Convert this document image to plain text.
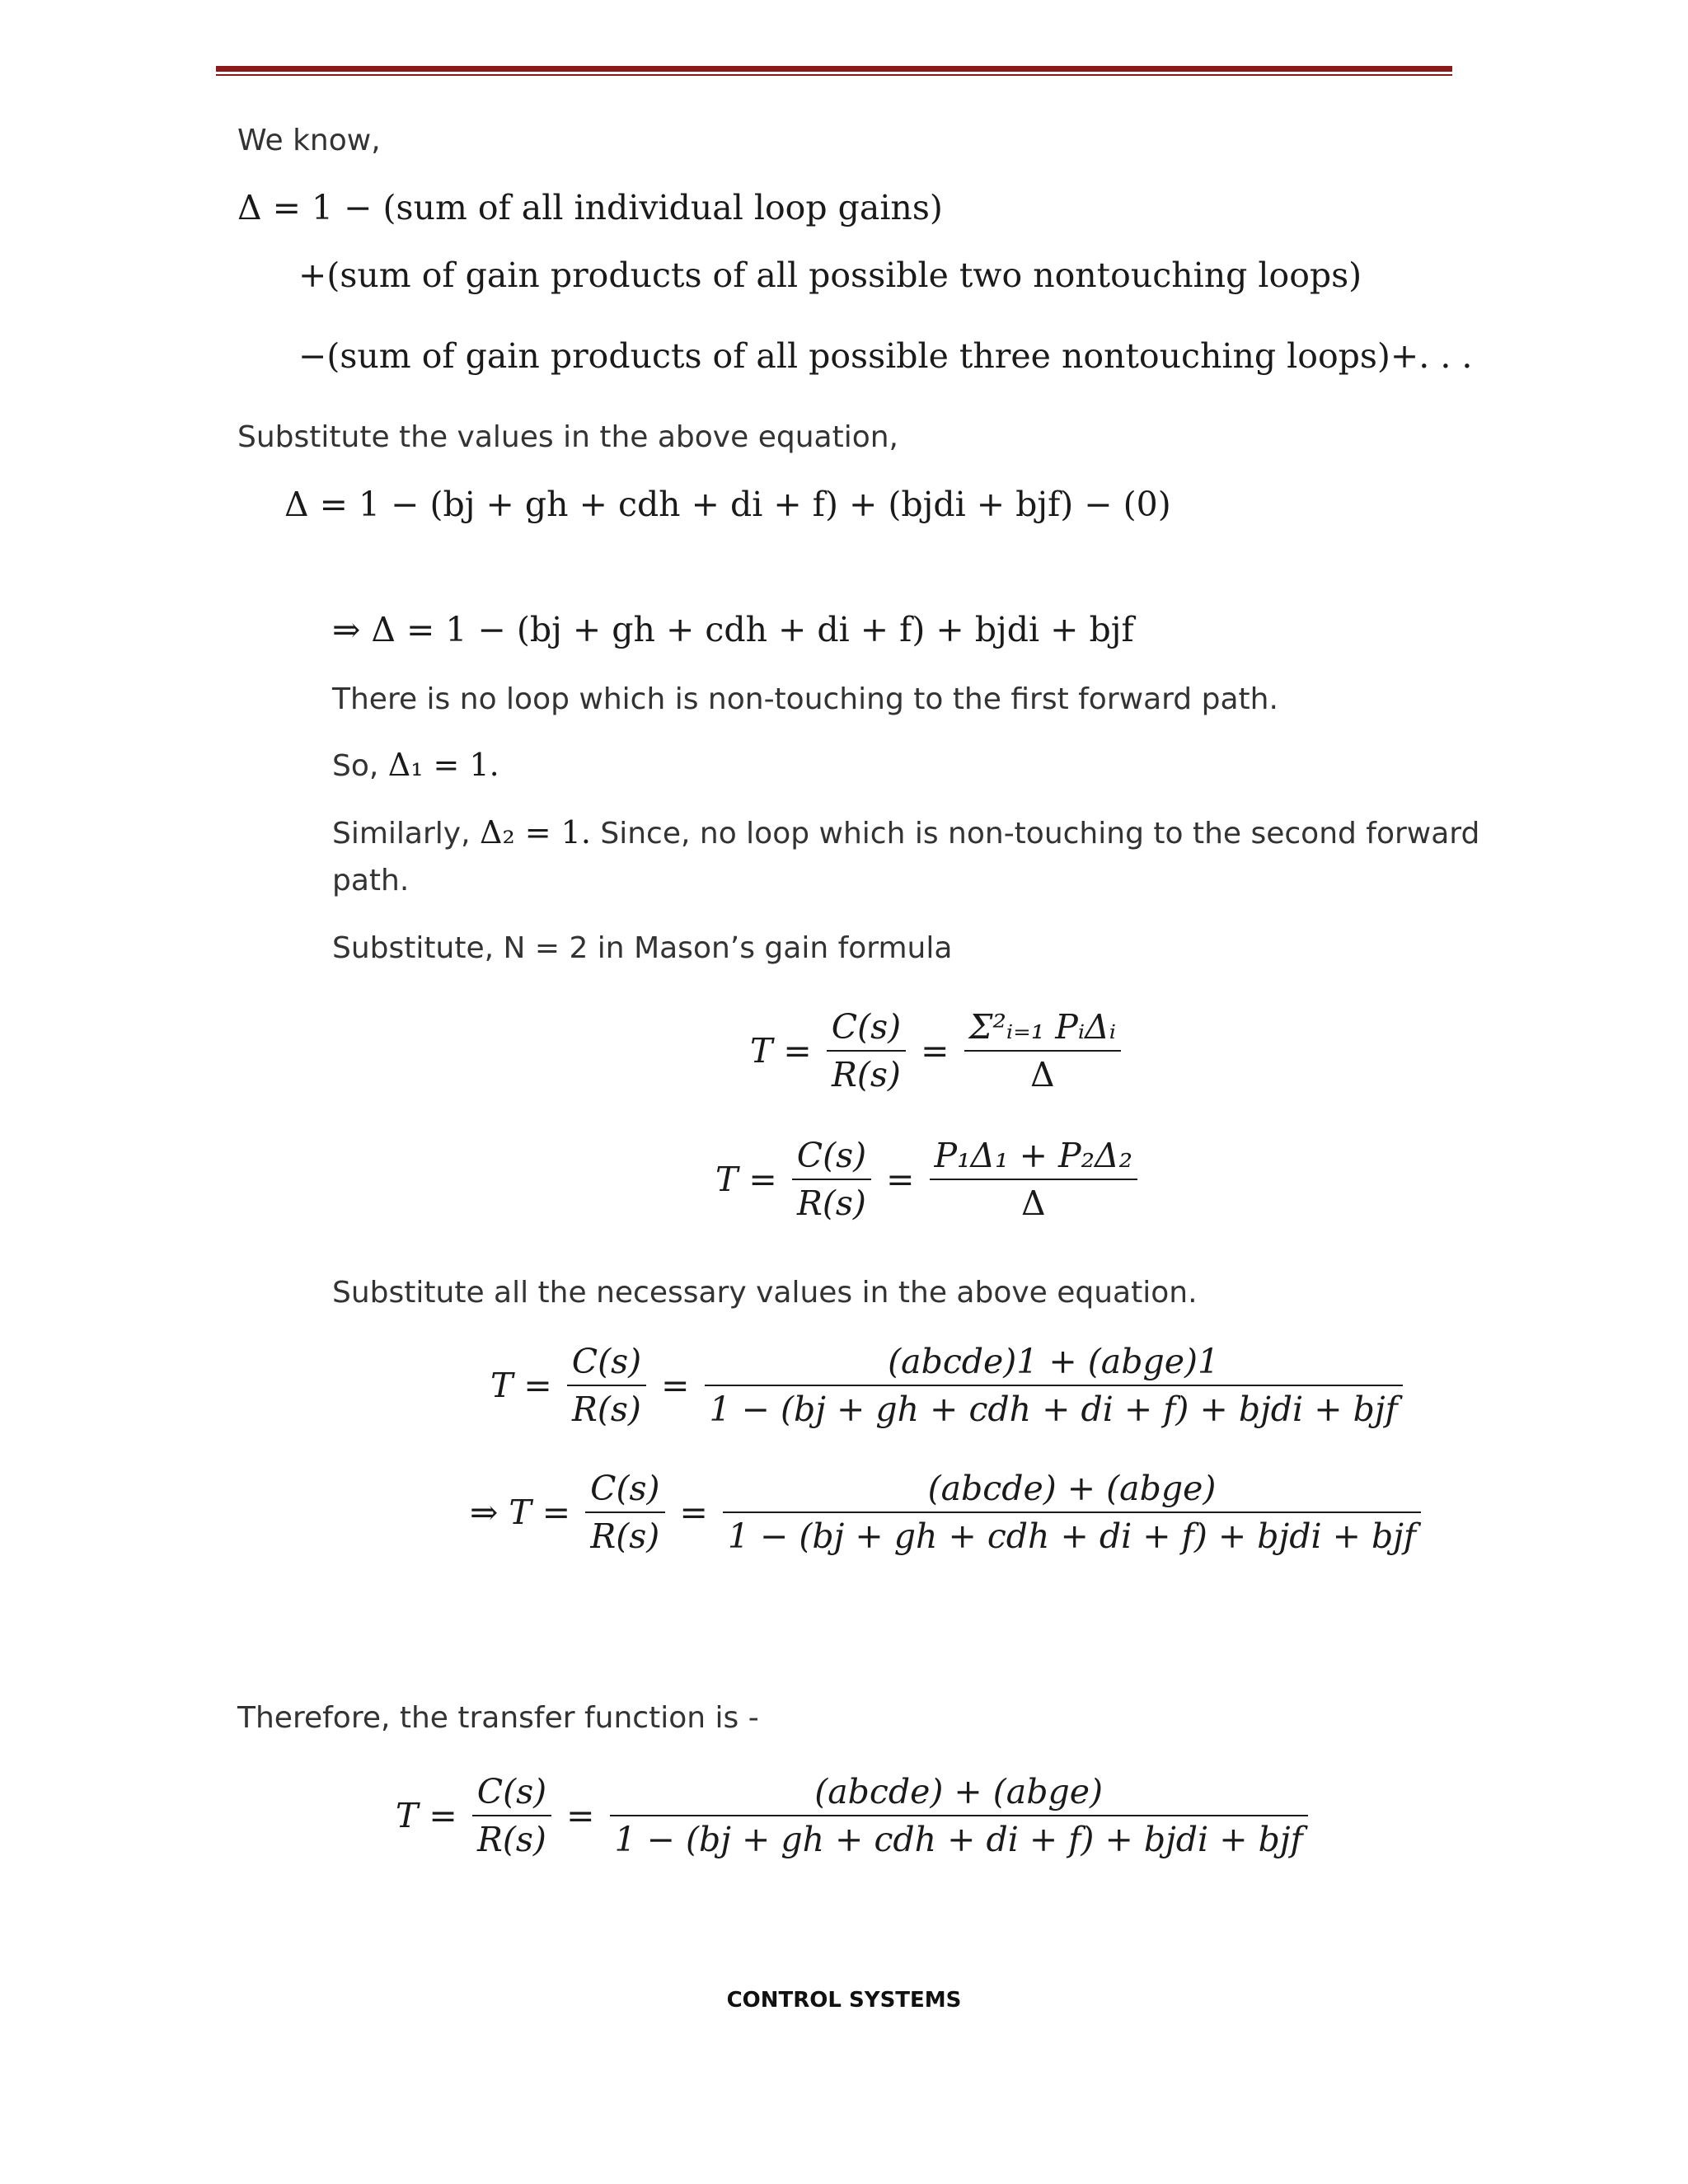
We know,
Δ = 1 − (sum of all individual loop gains)
+(sum of gain products of all possible two nontouching loops)
−(sum of gain products of all possible three nontouching loops)+. . .
Substitute the values in the above equation,
Δ = 1 − (bj + gh + cdh + di + f) + (bjdi + bjf) − (0)
⇒ Δ = 1 − (bj + gh + cdh + di + f) + bjdi + bjf
There is no loop which is non-touching to the first forward path.
So, Δ₁ = 1.
Similarly, Δ₂ = 1. Since, no loop which is non-touching to the second forward
path.
Substitute, N = 2 in Mason’s gain formula
$T = \frac{C(s)}{R(s)} = \frac{\text{Σ²ᵢ₌₁ PᵢΔᵢ}}{\Delta}$
$T = \frac{C(s)}{R(s)} = \frac{\text{P₁Δ₁ + P₂Δ₂}}{\Delta}$
Substitute all the necessary values in the above equation.
$T = \frac{C(s)}{R(s)} = \frac{\text{(abcde)1 + (abge)1}}{\text{1 − (bj + gh + cdh + di + f) + bjdi + bjf}}$
⇒ $T = \frac{C(s)}{R(s)} = \frac{\text{(abcde) + (abge)}}{\text{1 − (bj + gh + cdh + di + f) + bjdi + bjf}}$
Therefore, the transfer function is -
$T = \frac{C(s)}{R(s)} = \frac{\text{(abcde) + (abge)}}{\text{1 − (bj + gh + cdh + di + f) + bjdi + bjf}}$
CONTROL SYSTEMS
